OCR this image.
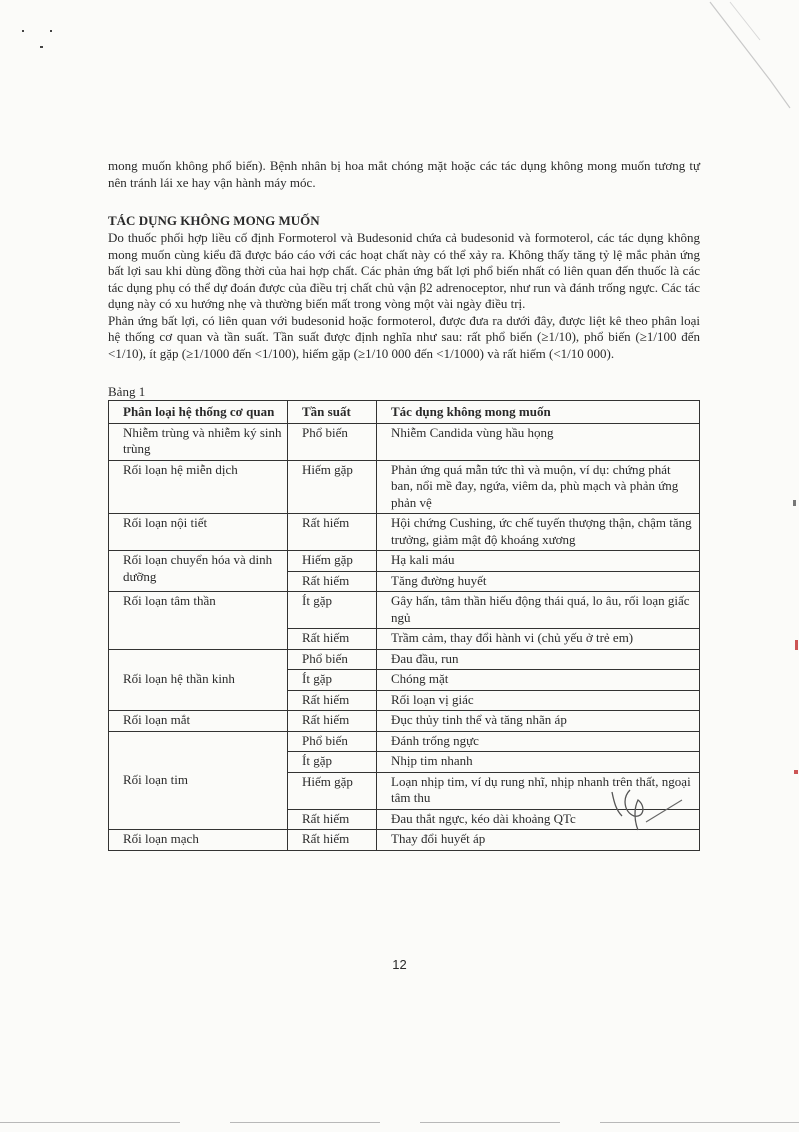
mong muốn không phổ biến). Bệnh nhân bị hoa mắt chóng mặt hoặc các tác dụng không mong muốn tương tự nên tránh lái xe hay vận hành máy móc.

TÁC DỤNG KHÔNG MONG MUỐN

Do thuốc phối hợp liều cố định Formoterol và Budesonid chứa cả budesonid và formoterol, các tác dụng không mong muốn cùng kiểu đã được báo cáo với các hoạt chất này có thể xảy ra. Không thấy tăng tỷ lệ mắc phản ứng bất lợi sau khi dùng đồng thời của hai hợp chất. Các phản ứng bất lợi phổ biến nhất có liên quan đến thuốc là các tác dụng phụ có thể dự đoán được của điều trị chất chủ vận β2 adrenoceptor, như run và đánh trống ngực. Các tác dụng này có xu hướng nhẹ và thường biến mất trong vòng một vài ngày điều trị.

Phản ứng bất lợi, có liên quan với budesonid hoặc formoterol, được đưa ra dưới đây, được liệt kê theo phân loại hệ thống cơ quan và tần suất. Tần suất được định nghĩa như sau: rất phổ biến (≥1/10), phổ biến (≥1/100 đến <1/10), ít gặp (≥1/1000 đến <1/100), hiếm gặp (≥1/10 000 đến <1/1000) và rất hiếm (<1/10 000).

Bảng 1
Phân loại hệ thống cơ quan	Tần suất	Tác dụng không mong muốn
Nhiễm trùng và nhiễm ký sinh trùng	Phổ biến	Nhiễm Candida vùng hầu họng
Rối loạn hệ miễn dịch	Hiếm gặp	Phản ứng quá mẫn tức thì và muộn, ví dụ: chứng phát ban, nổi mề đay, ngứa, viêm da, phù mạch và phản ứng phản vệ
Rối loạn nội tiết	Rất hiếm	Hội chứng Cushing, ức chế tuyến thượng thận, chậm tăng trưởng, giảm mật độ khoáng xương
Rối loạn chuyển hóa và dinh dưỡng	Hiếm gặp	Hạ kali máu
	Rất hiếm	Tăng đường huyết
Rối loạn tâm thần	Ít gặp	Gây hấn, tâm thần hiếu động thái quá, lo âu, rối loạn giấc ngủ
	Rất hiếm	Trầm cảm, thay đổi hành vi (chủ yếu ở trẻ em)
Rối loạn hệ thần kinh	Phổ biến	Đau đầu, run
	Ít gặp	Chóng mặt
	Rất hiếm	Rối loạn vị giác
Rối loạn mắt	Rất hiếm	Đục thủy tinh thể và tăng nhãn áp
Rối loạn tim	Phổ biến	Đánh trống ngực
	Ít gặp	Nhịp tim nhanh
	Hiếm gặp	Loạn nhịp tim, ví dụ rung nhĩ, nhịp nhanh trên thất, ngoại tâm thu
	Rất hiếm	Đau thắt ngực, kéo dài khoảng QTc
Rối loạn mạch	Rất hiếm	Thay đổi huyết áp
12
